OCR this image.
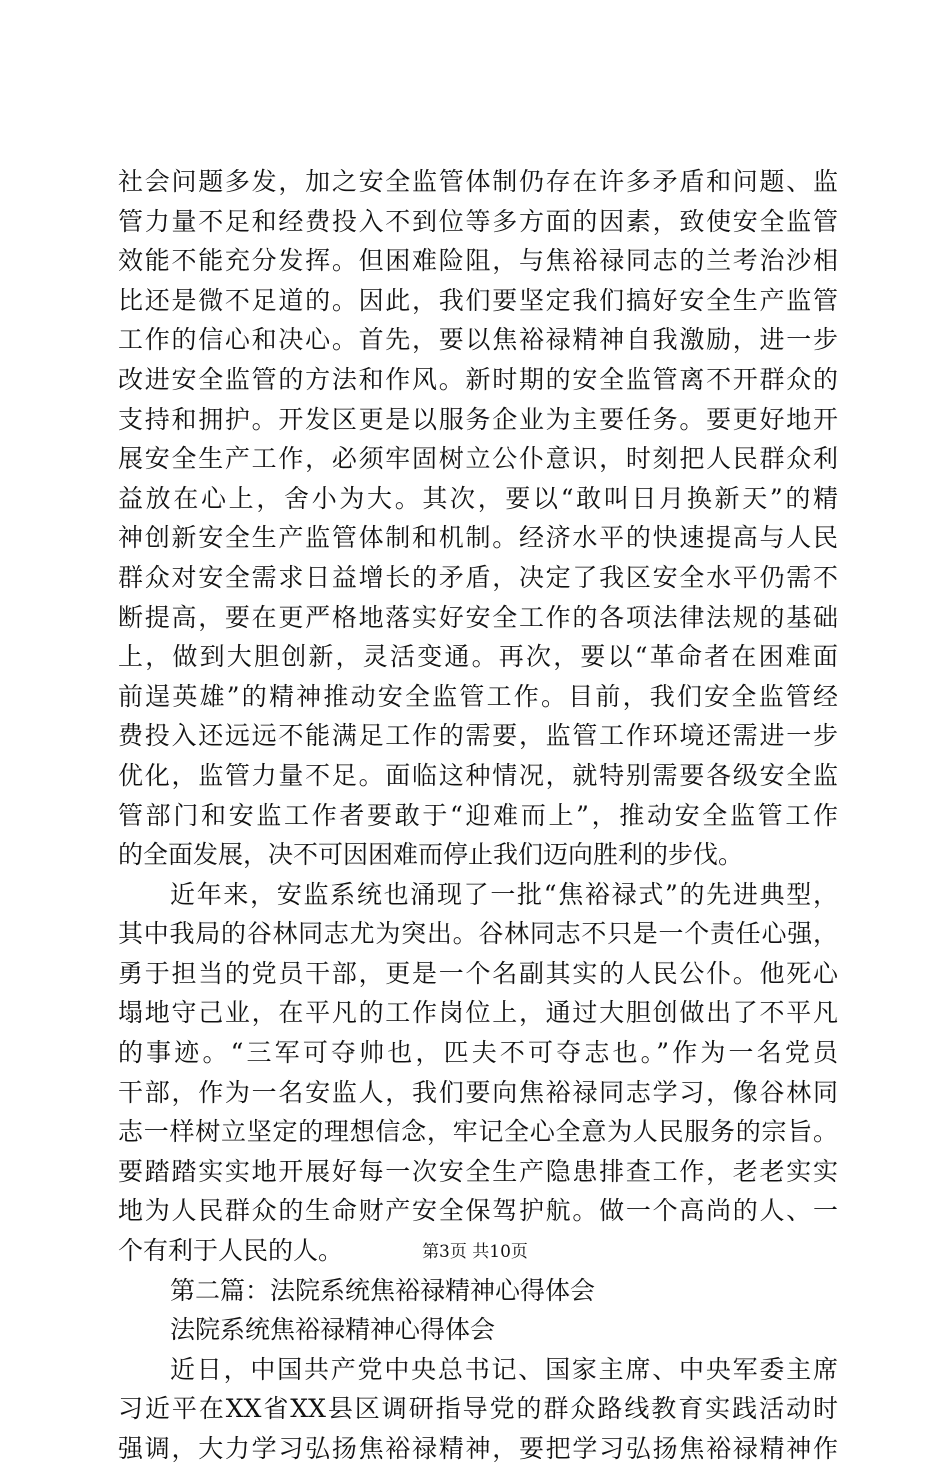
社会问题多发，加之安全监管体制仍存在许多矛盾和问题、监
管力量不足和经费投入不到位等多方面的因素，致使安全监管
效能不能充分发挥。但困难险阻，与焦裕禄同志的兰考治沙相
比还是微不足道的。因此，我们要坚定我们搞好安全生产监管
工作的信心和决心。首先，要以焦裕禄精神自我激励，进一步
改进安全监管的方法和作风。新时期的安全监管离不开群众的
支持和拥护。开发区更是以服务企业为主要任务。要更好地开
展安全生产工作，必须牢固树立公仆意识，时刻把人民群众利
益放在心上，舍小为大。其次，要以“敢叫日月换新天”的精
神创新安全生产监管体制和机制。经济水平的快速提高与人民
群众对安全需求日益增长的矛盾，决定了我区安全水平仍需不
断提高，要在更严格地落实好安全工作的各项法律法规的基础
上，做到大胆创新，灵活变通。再次，要以“革命者在困难面
前逞英雄”的精神推动安全监管工作。目前，我们安全监管经
费投入还远远不能满足工作的需要，监管工作环境还需进一步
优化，监管力量不足。面临这种情况，就特别需要各级安全监
管部门和安监工作者要敢于“迎难而上”，推动安全监管工作
的全面发展，决不可因困难而停止我们迈向胜利的步伐。
近年来，安监系统也涌现了一批“焦裕禄式”的先进典型，
其中我局的谷林同志尤为突出。谷林同志不只是一个责任心强，
勇于担当的党员干部，更是一个名副其实的人民公仆。他死心
塌地守己业，在平凡的工作岗位上，通过大胆创做出了不平凡
的事迹。“三军可夺帅也，匹夫不可夺志也。”作为一名党员
干部，作为一名安监人，我们要向焦裕禄同志学习，像谷林同
志一样树立坚定的理想信念，牢记全心全意为人民服务的宗旨。
要踏踏实实地开展好每一次安全生产隐患排查工作，老老实实
地为人民群众的生命财产安全保驾护航。做一个高尚的人、一
个有利于人民的人。
第二篇：法院系统焦裕禄精神心得体会
法院系统焦裕禄精神心得体会
近日，中国共产党中央总书记、国家主席、中央军委主席
习近平在XX省XX县区调研指导党的群众路线教育实践活动时
强调，大力学习弘扬焦裕禄精神，要把学习弘扬焦裕禄精神作
第3页 共10页
